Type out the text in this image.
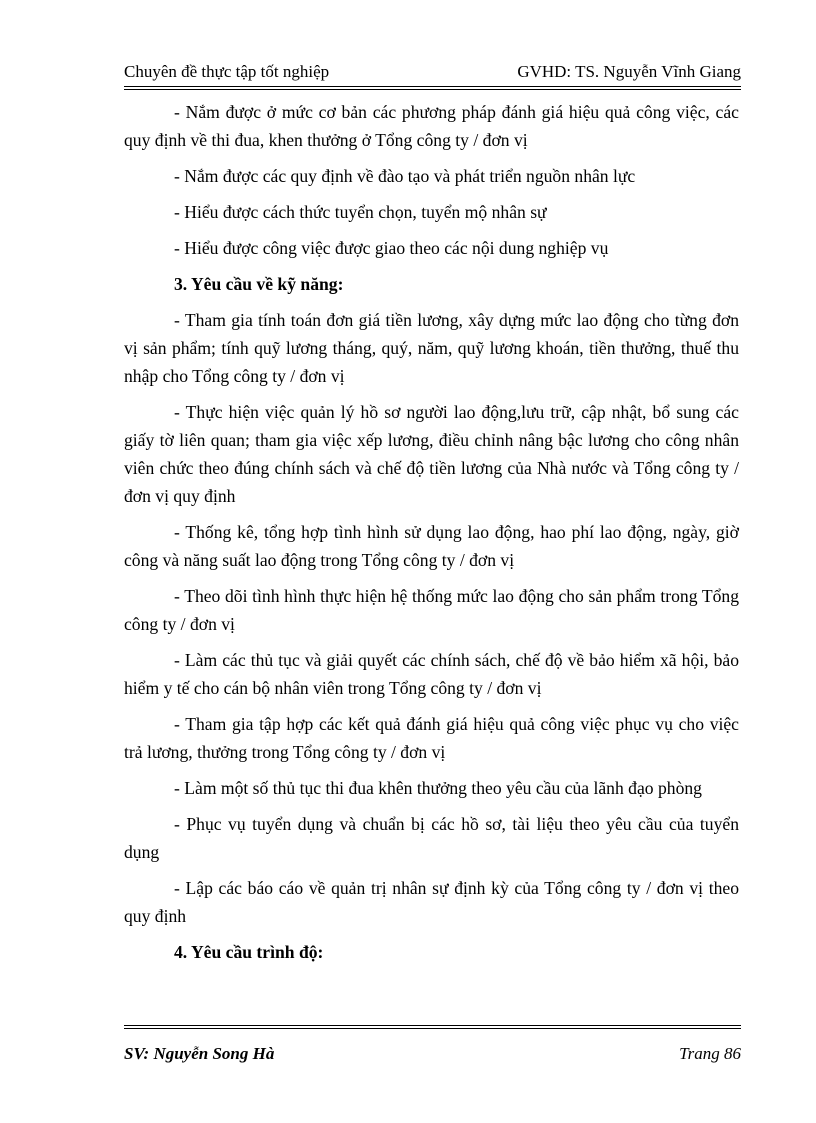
Chuyên đề thực tập tốt nghiệp	GVHD: TS. Nguyễn Vĩnh Giang

- Nắm được ở mức cơ bản các phương pháp đánh giá hiệu quả công việc, các quy định về thi đua, khen thưởng ở Tổng công ty / đơn vị

- Nắm được các quy định về đào tạo và phát triển nguồn nhân lực

- Hiểu được cách thức tuyển chọn, tuyển mộ nhân sự

- Hiểu được công việc được giao theo các nội dung nghiệp vụ

3. Yêu cầu về kỹ năng:

- Tham gia tính toán đơn giá tiền lương, xây dựng mức lao động cho từng đơn vị sản phẩm; tính quỹ lương tháng, quý, năm, quỹ lương khoán, tiền thưởng, thuế thu nhập cho Tổng công ty / đơn vị

- Thực hiện việc quản lý hồ sơ người lao động,lưu trữ, cập nhật, bổ sung các giấy tờ liên quan; tham gia việc xếp lương, điều chỉnh nâng bậc lương cho công nhân viên chức theo đúng chính sách và chế độ tiền lương của Nhà nước và Tổng công ty / đơn vị quy định

- Thống kê, tổng hợp tình hình sử dụng lao động, hao phí lao động, ngày, giờ công và năng suất lao động trong Tổng công ty / đơn vị

- Theo dõi tình hình thực hiện hệ thống mức lao động cho sản phẩm trong Tổng công ty / đơn vị

- Làm các thủ tục và giải quyết các chính sách, chế độ về bảo hiểm xã hội, bảo hiểm y tế cho cán bộ nhân viên trong Tổng công ty / đơn vị

- Tham gia tập hợp các kết quả đánh giá hiệu quả công việc phục vụ cho việc trả lương, thưởng trong Tổng công ty / đơn vị

- Làm một số thủ tục thi đua khên thưởng theo yêu cầu của lãnh đạo phòng

- Phục vụ tuyển dụng và chuẩn bị các hồ sơ, tài liệu theo yêu cầu của tuyển dụng

- Lập các báo cáo về quản trị nhân sự định kỳ của Tổng công ty / đơn vị theo quy định

4. Yêu cầu trình độ:

SV: Nguyễn Song Hà	Trang 86
